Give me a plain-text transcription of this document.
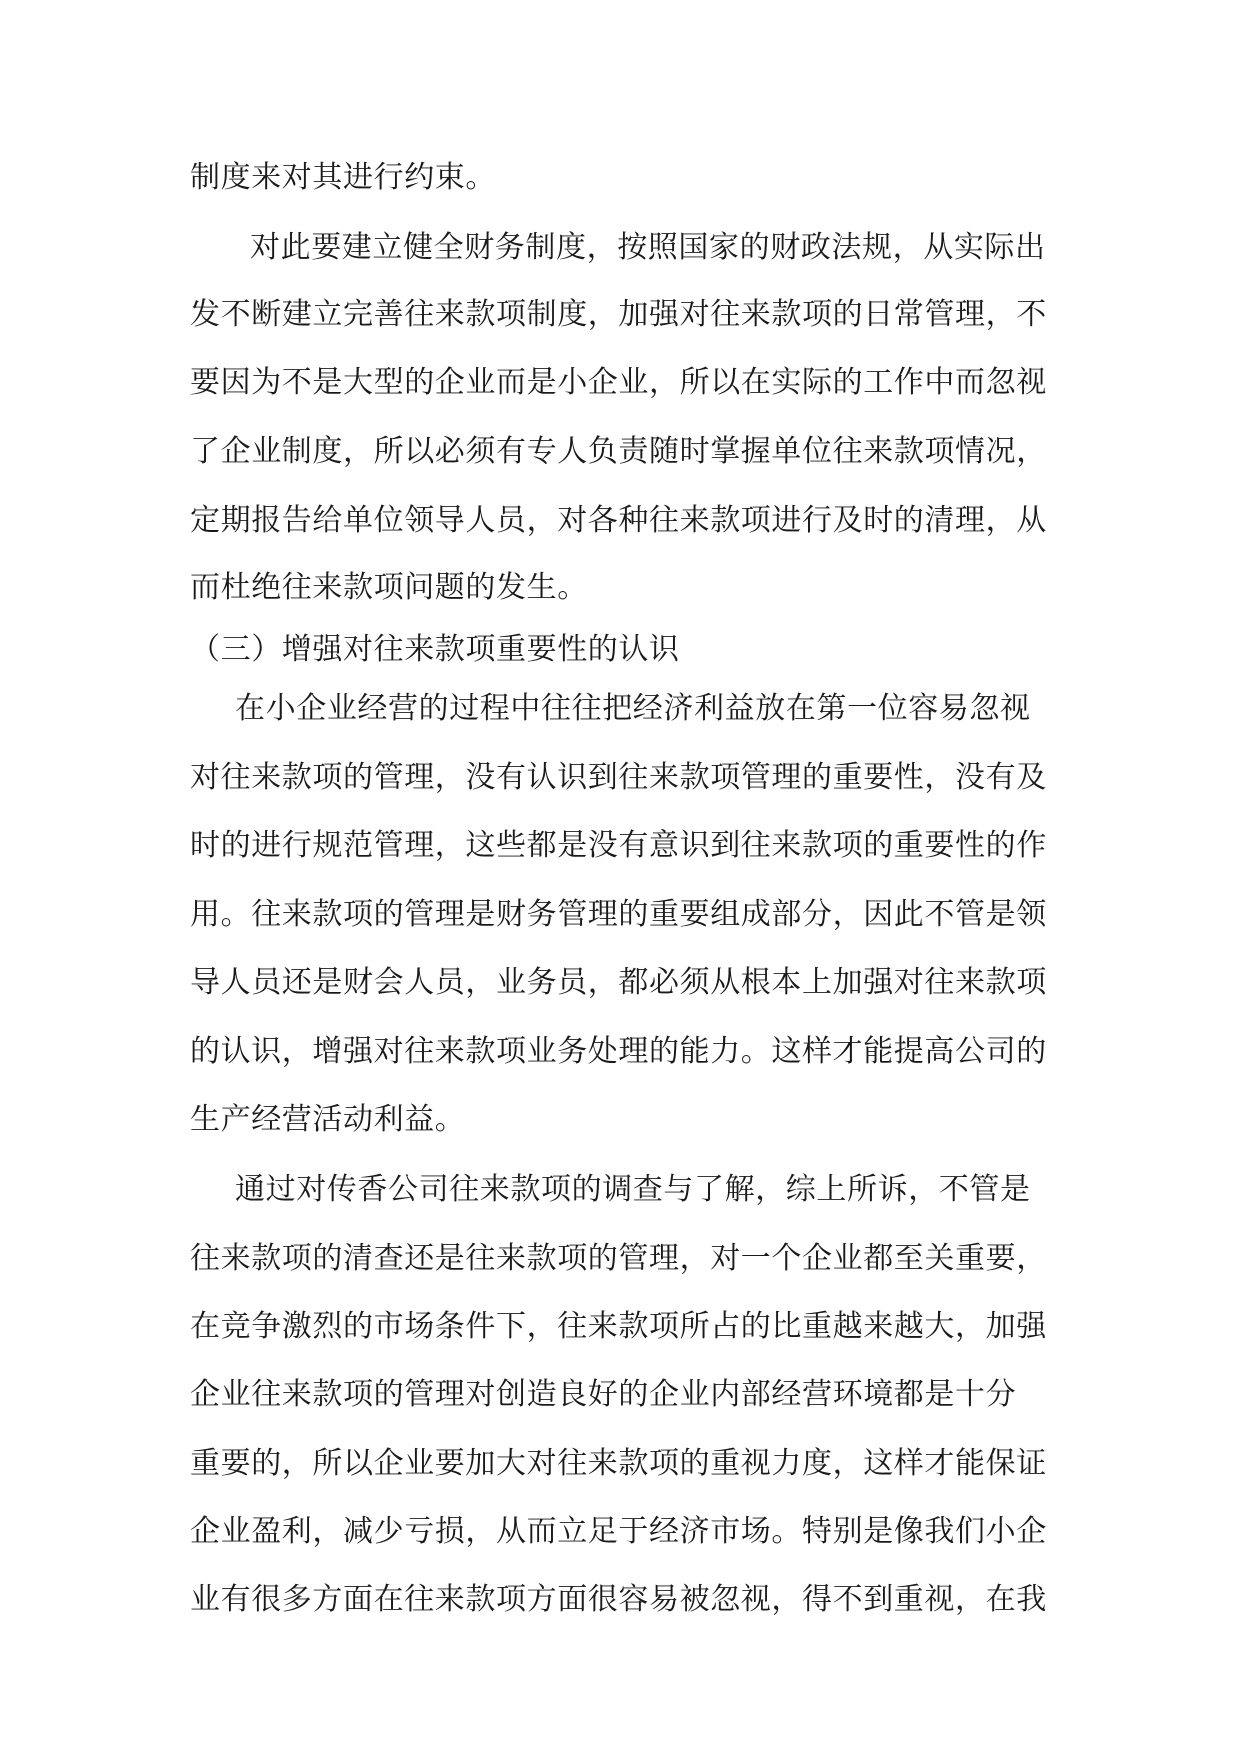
制度来对其进行约束。
对此要建立健全财务制度，按照国家的财政法规，从实际出
发不断建立完善往来款项制度，加强对往来款项的日常管理，不
要因为不是大型的企业而是小企业，所以在实际的工作中而忽视
了企业制度，所以必须有专人负责随时掌握单位往来款项情况，
定期报告给单位领导人员，对各种往来款项进行及时的清理，从
而杜绝往来款项问题的发生。
（三）增强对往来款项重要性的认识
在小企业经营的过程中往往把经济利益放在第一位容易忽视
对往来款项的管理，没有认识到往来款项管理的重要性，没有及
时的进行规范管理，这些都是没有意识到往来款项的重要性的作
用。往来款项的管理是财务管理的重要组成部分，因此不管是领
导人员还是财会人员，业务员，都必须从根本上加强对往来款项
的认识，增强对往来款项业务处理的能力。这样才能提高公司的
生产经营活动利益。
通过对传香公司往来款项的调查与了解，综上所诉，不管是
往来款项的清查还是往来款项的管理，对一个企业都至关重要，
在竞争激烈的市场条件下，往来款项所占的比重越来越大，加强
企业往来款项的管理对创造良好的企业内部经营环境都是十分
重要的，所以企业要加大对往来款项的重视力度，这样才能保证
企业盈利，减少亏损，从而立足于经济市场。特别是像我们小企
业有很多方面在往来款项方面很容易被忽视，得不到重视，在我
